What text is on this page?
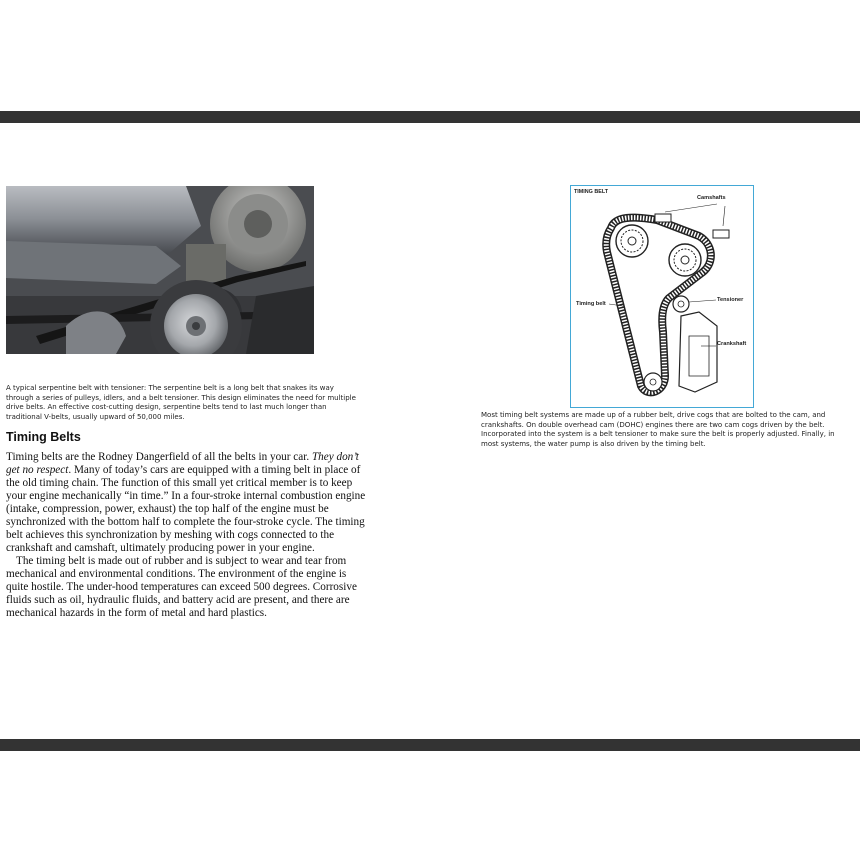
A typical serpentine belt with tensioner: The serpentine belt is a long belt that snakes its way through a series of pulleys, idlers, and a belt tensioner. This design eliminates the need for multiple drive belts. An effective cost-cutting design, serpentine belts tend to last much longer than traditional V-belts, usually upward of 50,000 miles.

Timing Belts

Timing belts are the Rodney Dangerfield of all the belts in your car. They don’t get no respect. Many of today’s cars are equipped with a timing belt in place of the old timing chain. The function of this small yet critical member is to keep your engine mechanically “in time.” In a four-stroke internal combustion engine (intake, compression, power, exhaust) the top half of the engine must be synchronized with the bottom half to complete the four-stroke cycle. The timing belt achieves this synchronization by meshing with cogs connected to the crankshaft and camshaft, ultimately producing power in your engine.

The timing belt is made out of rubber and is subject to wear and tear from mechanical and environmental conditions. The environment of the engine is quite hostile. The under-hood temperatures can exceed 500 degrees. Corrosive fluids such as oil, hydraulic fluids, and battery acid are present, and there are mechanical hazards in the form of metal and hard plastics.

TIMING BELT
Camshafts
Timing belt
Tensioner
Crankshaft

Most timing belt systems are made up of a rubber belt, drive cogs that are bolted to the cam, and crankshafts. On double overhead cam (DOHC) engines there are two cam cogs driven by the belt. Incorporated into the system is a belt tensioner to make sure the belt is properly adjusted. Finally, in most systems, the water pump is also driven by the timing belt.
